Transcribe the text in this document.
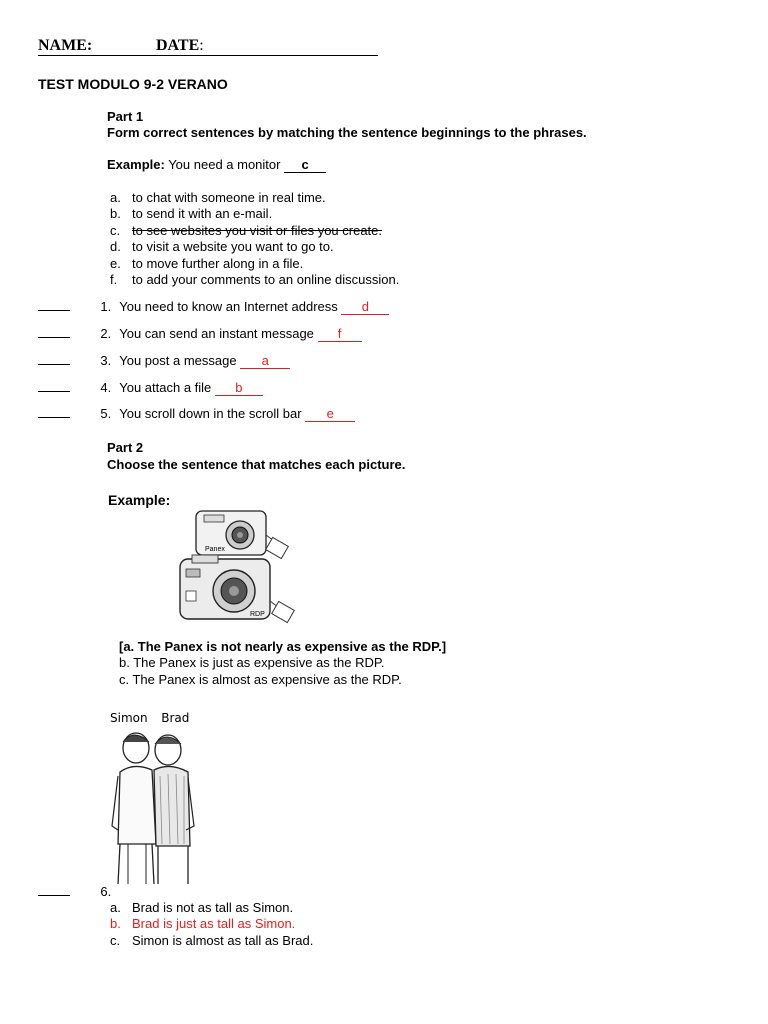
NAME:	DATE:
TEST MODULO 9-2 VERANO
Part 1
Form correct sentences by matching the sentence beginnings to the phrases.
Example: You need a monitor c
a. to chat with someone in real time.
b. to send it with an e-mail.
c. to see websites you visit or files you create.
d. to visit a website you want to go to.
e. to move further along in a file.
f. to add your comments to an online discussion.
1. You need to know an Internet address d
2. You can send an instant message f
3. You post a message a
4. You attach a file b
5. You scroll down in the scroll bar e
Part 2
Choose the sentence that matches each picture.
Example:
Panex
RDP
[a. The Panex is not nearly as expensive as the RDP.]
b. The Panex is just as expensive as the RDP.
c. The Panex is almost as expensive as the RDP.
Simon Brad
6.
a. Brad is not as tall as Simon.
b. Brad is just as tall as Simon.
c. Simon is almost as tall as Brad.
